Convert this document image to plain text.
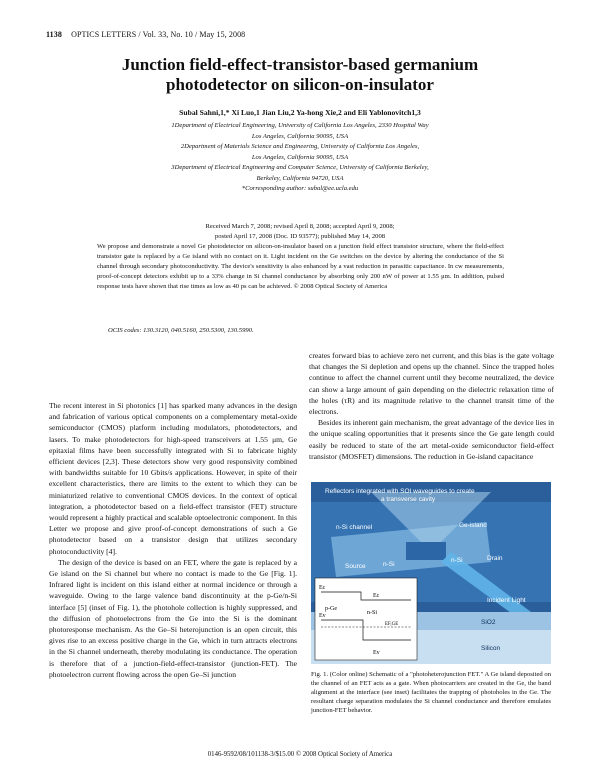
1138 OPTICS LETTERS / Vol. 33, No. 10 / May 15, 2008
Junction field-effect-transistor-based germanium photodetector on silicon-on-insulator
Subal Sahni,1,* Xi Luo,1 Jian Liu,2 Ya-hong Xie,2 and Eli Yablonovitch1,3
1Department of Electrical Engineering, University of California Los Angeles, 2330 Hospital Way
Los Angeles, California 90095, USA
2Department of Materials Science and Engineering, University of California Los Angeles,
Los Angeles, California 90095, USA
3Department of Electrical Engineering and Computer Science, University of California Berkeley,
Berkeley, California 94720, USA
*Corresponding author: subal@ee.ucla.edu
Received March 7, 2008; revised April 8, 2008; accepted April 9, 2008;
posted April 17, 2008 (Doc. ID 93577); published May 14, 2008
We propose and demonstrate a novel Ge photodetector on silicon-on-insulator based on a junction field effect transistor structure, where the field-effect transistor gate is replaced by a Ge island with no contact on it. Light incident on the Ge switches on the device by altering the conductance of the Si channel through secondary photoconductivity. The device's sensitivity is also enhanced by a vast reduction in parasitic capacitance. In cw measurements, proof-of-concept detectors exhibit up to a 33% change in Si channel conductance by absorbing only 200 nW of power at 1.55 μm. In addition, pulsed response tests have shown that rise times as low as 40 ps can be achieved. © 2008 Optical Society of America
OCIS codes: 130.3120, 040.5160, 250.5300, 130.5990.

The recent interest in Si photonics [1] has sparked many advances in the design and fabrication of various optical components on a complementary metal-oxide semiconductor (CMOS) platform including modulators, photodetectors, and lasers. To make photodetectors for high-speed transceivers at 1.55 μm, Ge epitaxial films have been successfully integrated with Si to fabricate highly efficient devices [2,3]. These detectors show very good responsivity combined with bandwidths suitable for 10 Gbits/s applications. However, in spite of their excellent characteristics, there are limits to the extent to which they can be miniaturized relative to conventional CMOS devices. In the context of optical integration, a photodetector based on a field-effect transistor (FET) structure would represent a highly practical and scalable optoelectronic component. In this Letter we propose and give proof-of-concept demonstrations of such a Ge photodetector based on a transistor design that utilizes secondary photoconductivity [4].

The design of the device is based on an FET, where the gate is replaced by a Ge island on the Si channel but where no contact is made to the Ge [Fig. 1]. Infrared light is incident on this island either at normal incidence or through a waveguide. Owing to the large valence band discontinuity at the p-Ge/n-Si interface [5] (inset of Fig. 1), the photohole collection is highly suppressed, and the diffusion of photoelectrons from the Ge into the Si is the dominant photoresponse mechanism. As the Ge–Si heterojunction is an open circuit, this gives rise to an excess positive charge in the Ge, which in turn attracts electrons in the Si channel underneath, thereby modulating its conductance. The operation is therefore that of a junction-field-effect-transistor (junction-FET). The photoelectron current flowing across the open Ge–Si junction

creates forward bias to achieve zero net current, and this bias is the gate voltage that changes the Si depletion and opens up the channel. Since the trapped holes continue to affect the channel current until they become neutralized, the device can show a large amount of gain depending on the dielectric relaxation time of the holes (τR) and its magnitude relative to the channel transit time of the electrons.

Besides its inherent gain mechanism, the great advantage of the device lies in the unique scaling opportunities that it presents since the Ge gate length could easily be reduced to state of the art metal-oxide semiconductor field-effect transistor (MOSFET) dimensions. The reduction in Ge-island capacitance

Reflectors integrated with SOI waveguides to create
a transverse cavity
n-Si channel	Ge-island
Source	n-Si
n-Si	Drain
Incident Light
SiO2
Silicon
Ec
p-Ge
n-Si
Ev
Ec
Ev
EF,GE
Fig. 1. (Color online) Schematic of a "photoheterojunction FET." A Ge island deposited on the channel of an FET acts as a gate. When photocarriers are created in the Ge, the band alignment at the interface (see inset) facilitates the trapping of photoholes in the Ge. The resultant charge separation modulates the Si channel conductance and therefore emulates junction-FET behavior.
0146-9592/08/101138-3/$15.00 © 2008 Optical Society of America
